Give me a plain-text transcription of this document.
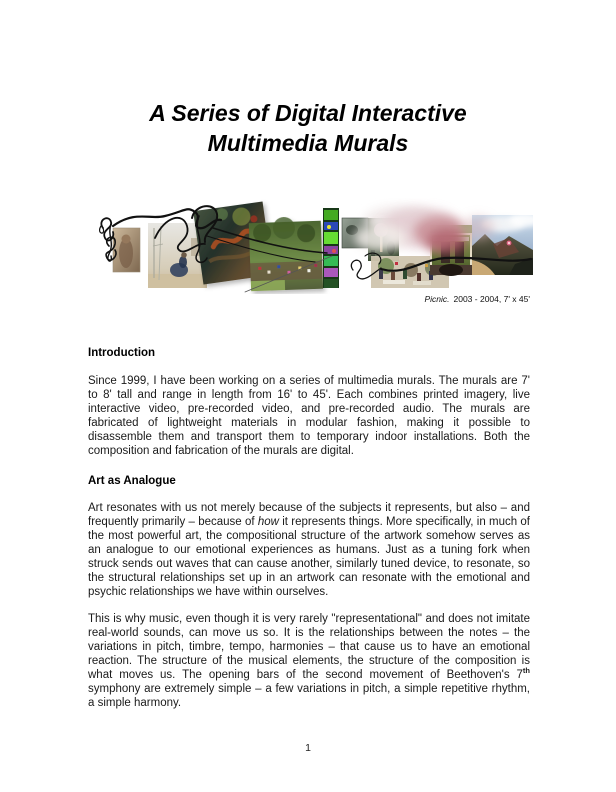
A Series of Digital Interactive
Multimedia Murals
Picnic. 2003 - 2004, 7' x 45'
Introduction

Since 1999, I have been working on a series of multimedia murals. The murals are 7' to 8' tall and range in length from 16' to 45'. Each combines printed imagery, live interactive video, pre-recorded video, and pre-recorded audio. The murals are fabricated of lightweight materials in modular fashion, making it possible to disassemble them and transport them to temporary indoor installations. Both the composition and fabrication of the murals are digital.

Art as Analogue

Art resonates with us not merely because of the subjects it represents, but also – and frequently primarily – because of how it represents things. More specifically, in much of the most powerful art, the compositional structure of the artwork somehow serves as an analogue to our emotional experiences as humans. Just as a tuning fork when struck sends out waves that can cause another, similarly tuned device, to resonate, so the structural relationships set up in an artwork can resonate with the emotional and psychic relationships we have within ourselves.

This is why music, even though it is very rarely "representational" and does not imitate real-world sounds, can move us so. It is the relationships between the notes – the variations in pitch, timbre, tempo, harmonies – that cause us to have an emotional reaction. The structure of the musical elements, the structure of the composition is what moves us. The opening bars of the second movement of Beethoven's 7th symphony are extremely simple – a few variations in pitch, a simple repetitive rhythm, a simple harmony.

1
